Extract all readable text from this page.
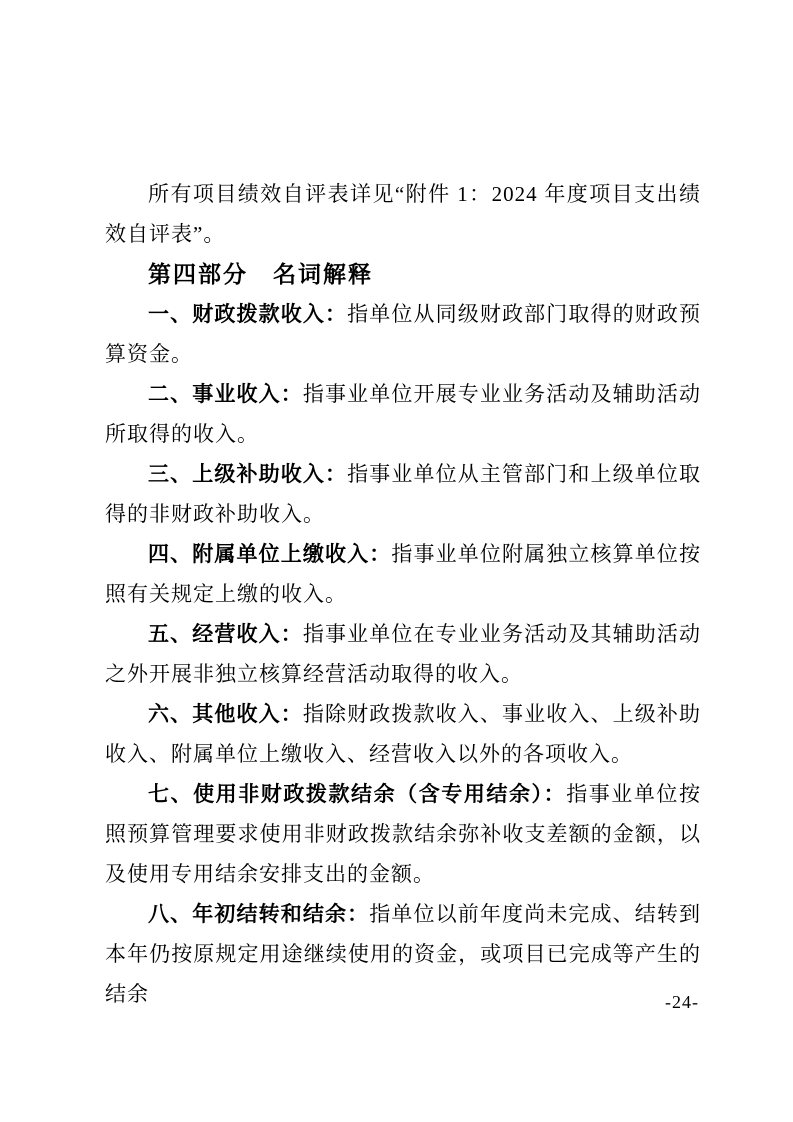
所有项目绩效自评表详见“附件 1：2024 年度项目支出绩效自评表”。

第四部分　名词解释

一、财政拨款收入：指单位从同级财政部门取得的财政预算资金。

二、事业收入：指事业单位开展专业业务活动及辅助活动所取得的收入。

三、上级补助收入：指事业单位从主管部门和上级单位取得的非财政补助收入。

四、附属单位上缴收入：指事业单位附属独立核算单位按照有关规定上缴的收入。

五、经营收入：指事业单位在专业业务活动及其辅助活动之外开展非独立核算经营活动取得的收入。

六、其他收入：指除财政拨款收入、事业收入、上级补助收入、附属单位上缴收入、经营收入以外的各项收入。

七、使用非财政拨款结余（含专用结余）：指事业单位按照预算管理要求使用非财政拨款结余弥补收支差额的金额，以及使用专用结余安排支出的金额。

八、年初结转和结余：指单位以前年度尚未完成、结转到本年仍按原规定用途继续使用的资金，或项目已完成等产生的结余	-24-
